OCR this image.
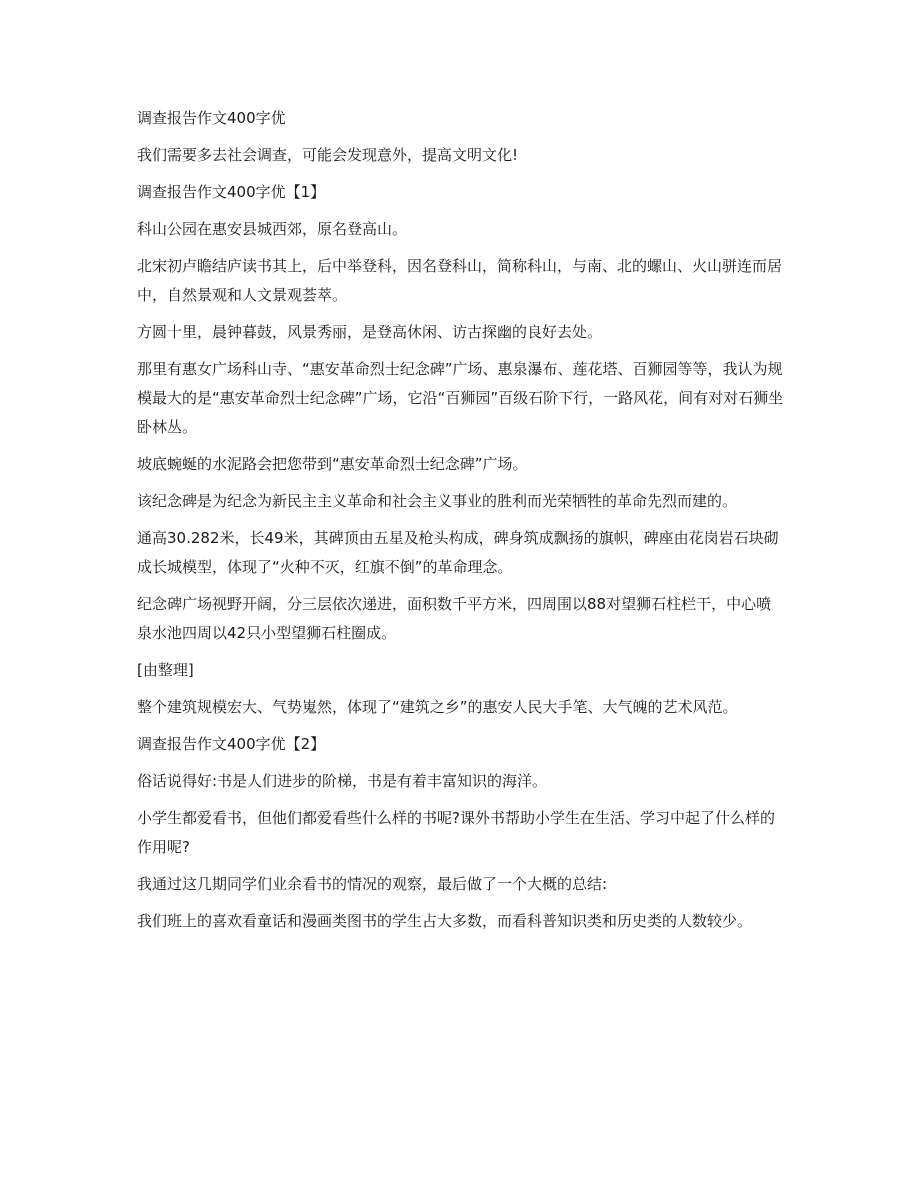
调查报告作文400字优

我们需要多去社会调查，可能会发现意外，提高文明文化!

调查报告作文400字优【1】

科山公园在惠安县城西郊，原名登高山。

北宋初卢瞻结庐读书其上，后中举登科，因名登科山，简称科山，与南、北的螺山、火山骈连而居中，自然景观和人文景观荟萃。

方圆十里，晨钟暮鼓，风景秀丽，是登高休闲、访古探幽的良好去处。

那里有惠女广场科山寺、“惠安革命烈士纪念碑”广场、惠泉瀑布、莲花塔、百狮园等等，我认为规模最大的是“惠安革命烈士纪念碑”广场，它沿“百狮园”百级石阶下行，一路风花，间有对对石狮坐卧林丛。

坡底蜿蜒的水泥路会把您带到“惠安革命烈士纪念碑”广场。

该纪念碑是为纪念为新民主主义革命和社会主义事业的胜利而光荣牺牲的革命先烈而建的。

通高30.282米，长49米，其碑顶由五星及枪头构成，碑身筑成飘扬的旗帜，碑座由花岗岩石块砌成长城模型，体现了“火种不灭，红旗不倒”的革命理念。

纪念碑广场视野开阔，分三层依次递进，面积数千平方米，四周围以88对望狮石柱栏干，中心喷泉水池四周以42只小型望狮石柱圈成。

[由整理]

整个建筑规模宏大、气势嵬然，体现了“建筑之乡”的惠安人民大手笔、大气魄的艺术风范。

调查报告作文400字优【2】

俗话说得好:书是人们进步的阶梯，书是有着丰富知识的海洋。

小学生都爱看书，但他们都爱看些什么样的书呢?课外书帮助小学生在生活、学习中起了什么样的作用呢?

我通过这几期同学们业余看书的情况的观察，最后做了一个大概的总结:

我们班上的喜欢看童话和漫画类图书的学生占大多数，而看科普知识类和历史类的人数较少。
